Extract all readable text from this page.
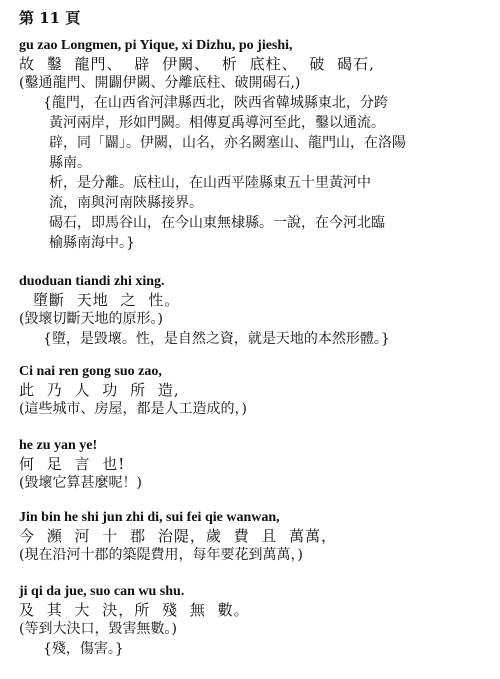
第 11 頁
gu zao Longmen, pi Yique, xi Dizhu, po jieshi,
故 鑿 龍門、 辟 伊闕、 析 底柱、 破 碣石,
(鑿通龍門、開闢伊闕、分離底柱、破開碣石,)
{龍門，在山西省河津縣西北，陝西省韓城縣東北，分跨
黃河兩岸，形如門闕。相傳夏禹導河至此，鑿以通流。
辟，同「闢」。伊闕，山名，亦名闕塞山、龍門山，在洛陽
縣南。
析，是分離。底柱山，在山西平陸縣東五十里黃河中
流，南與河南陝縣接界。
碣石，即馬谷山，在今山東無棣縣。一說，在今河北臨
榆縣南海中。}
duoduan tiandi zhi xing.
墮斷 天地 之 性。
(毀壞切斷天地的原形。)
{墮，是毀壞。性，是自然之資，就是天地的本然形體。}
Ci nai ren gong suo zao,
此 乃 人 功 所 造,
(這些城市、房屋，都是人工造成的，)
he zu yan ye!
何 足 言 也!
(毀壞它算甚麼呢！)
Jin bin he shi jun zhi di, sui fei qie wanwan,
今 瀕 河 十 郡 治隄，歲 費 且 萬萬，
(現在沿河十郡的築隄費用，每年要花到萬萬，)
ji qi da jue, suo can wu shu.
及 其 大 決，所 殘 無 數。
(等到大決口，毀害無數。)
{殘，傷害。}
